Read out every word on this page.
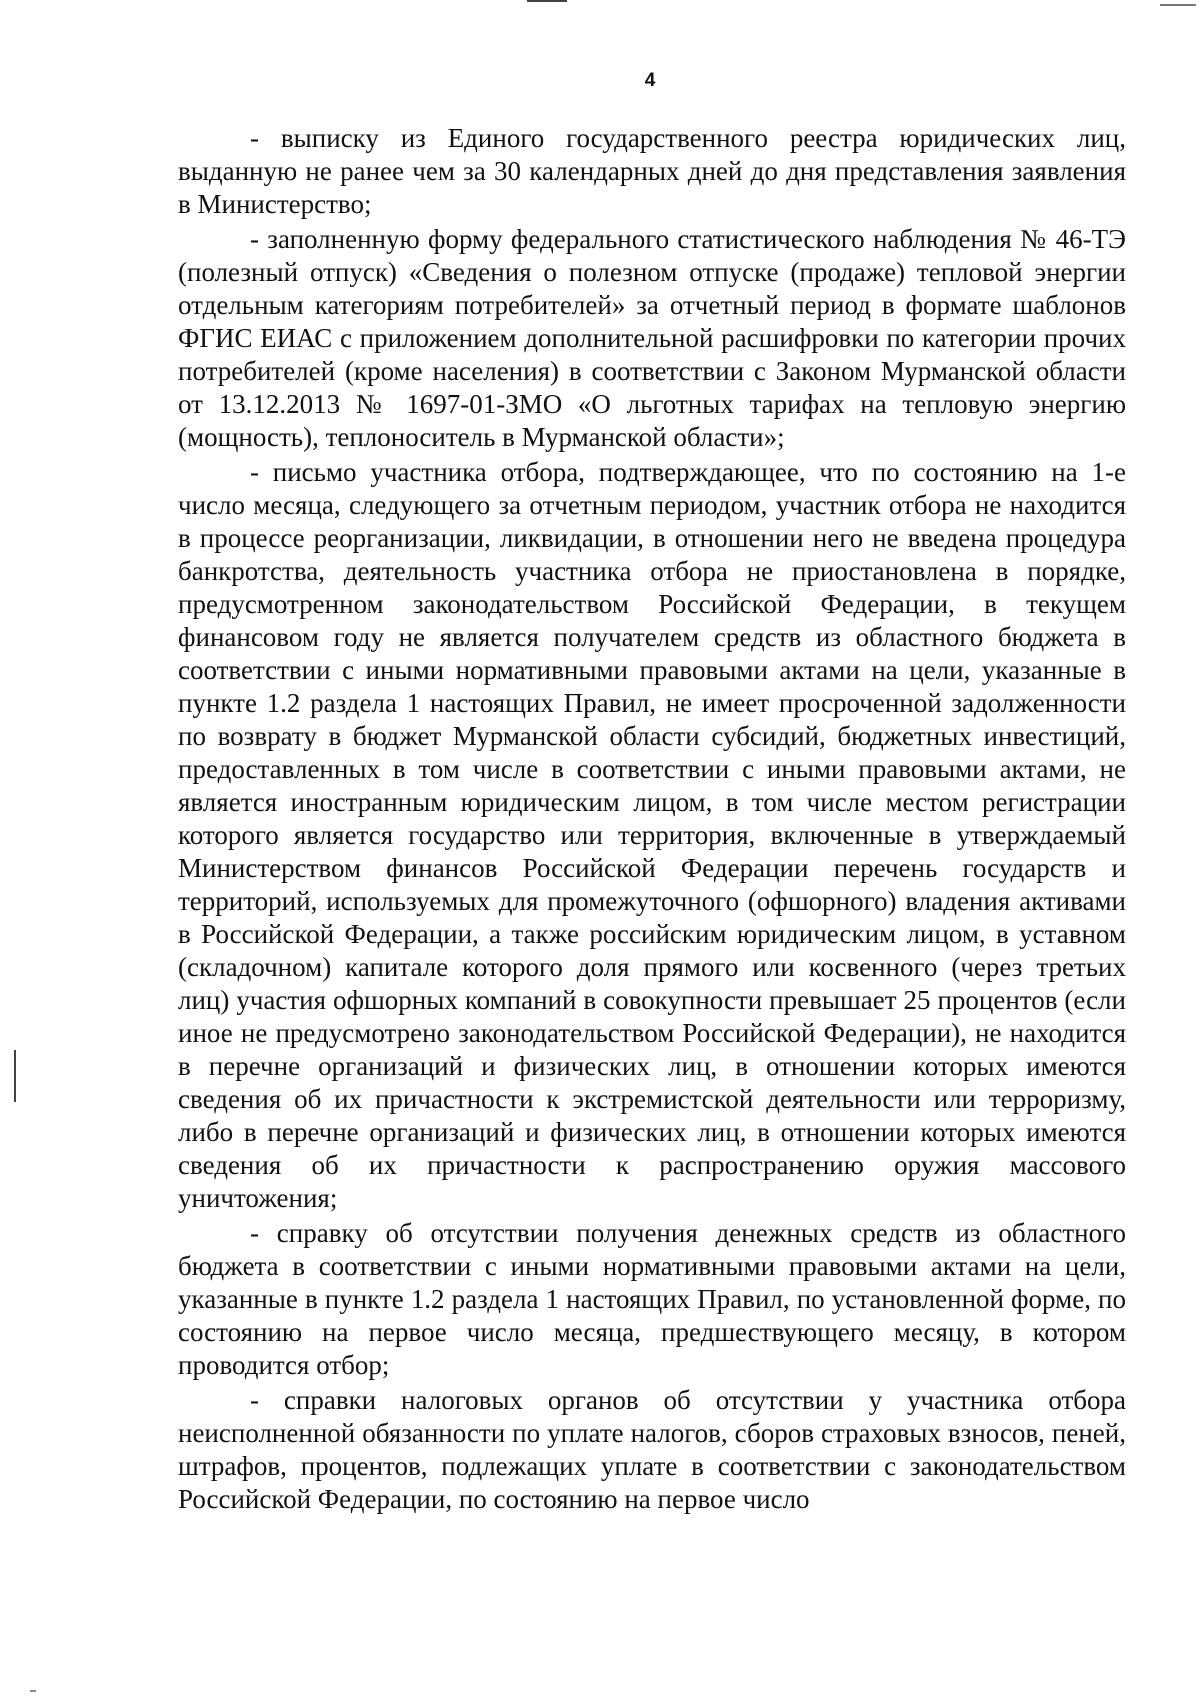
4

- выписку из Единого государственного реестра юридических лиц, выданную не ранее чем за 30 календарных дней до дня представления заявления в Министерство;

- заполненную форму федерального статистического наблюдения № 46-ТЭ (полезный отпуск) «Сведения о полезном отпуске (продаже) тепловой энергии отдельным категориям потребителей» за отчетный период в формате шаблонов ФГИС ЕИАС с приложением дополнительной расшифровки по категории прочих потребителей (кроме населения) в соответствии с Законом Мурманской области от 13.12.2013 № 1697-01-ЗМО «О льготных тарифах на тепловую энергию (мощность), теплоноситель в Мурманской области»;

- письмо участника отбора, подтверждающее, что по состоянию на 1-е число месяца, следующего за отчетным периодом, участник отбора не находится в процессе реорганизации, ликвидации, в отношении него не введена процедура банкротства, деятельность участника отбора не приостановлена в порядке, предусмотренном законодательством Российской Федерации, в текущем финансовом году не является получателем средств из областного бюджета в соответствии с иными нормативными правовыми актами на цели, указанные в пункте 1.2 раздела 1 настоящих Правил, не имеет просроченной задолженности по возврату в бюджет Мурманской области субсидий, бюджетных инвестиций, предоставленных в том числе в соответствии с иными правовыми актами, не является иностранным юридическим лицом, в том числе местом регистрации которого является государство или территория, включенные в утверждаемый Министерством финансов Российской Федерации перечень государств и территорий, используемых для промежуточного (офшорного) владения активами в Российской Федерации, а также российским юридическим лицом, в уставном (складочном) капитале которого доля прямого или косвенного (через третьих лиц) участия офшорных компаний в совокупности превышает 25 процентов (если иное не предусмотрено законодательством Российской Федерации), не находится в перечне организаций и физических лиц, в отношении которых имеются сведения об их причастности к экстремистской деятельности или терроризму, либо в перечне организаций и физических лиц, в отношении которых имеются сведения об их причастности к распространению оружия массового уничтожения;

- справку об отсутствии получения денежных средств из областного бюджета в соответствии с иными нормативными правовыми актами на цели, указанные в пункте 1.2 раздела 1 настоящих Правил, по установленной форме, по состоянию на первое число месяца, предшествующего месяцу, в котором проводится отбор;

- справки налоговых органов об отсутствии у участника отбора неисполненной обязанности по уплате налогов, сборов страховых взносов, пеней, штрафов, процентов, подлежащих уплате в соответствии с законодательством Российской Федерации, по состоянию на первое число
